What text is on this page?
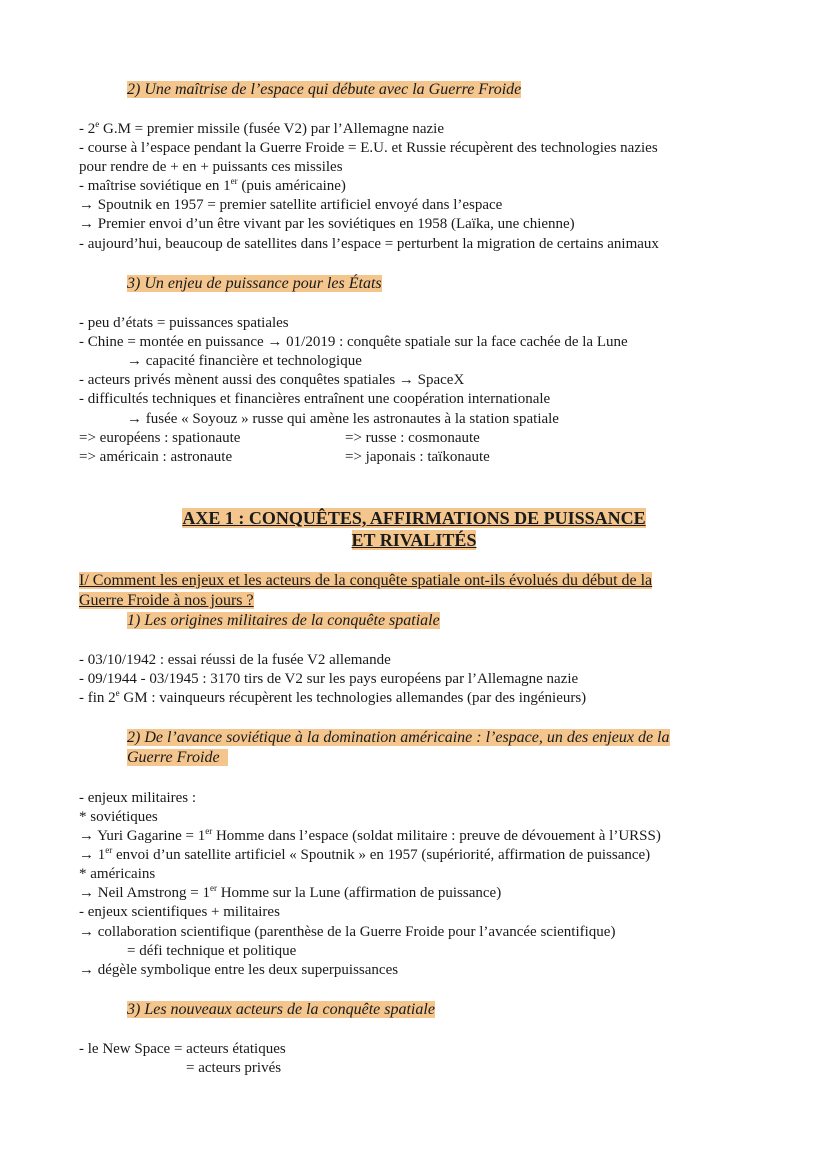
2) Une maîtrise de l’espace qui débute avec la Guerre Froide
- 2e G.M = premier missile (fusée V2) par l’Allemagne nazie
- course à l’espace pendant la Guerre Froide = E.U. et Russie récupèrent des technologies nazies
pour rendre de + en + puissants ces missiles
- maîtrise soviétique en 1er (puis américaine)
→ Spoutnik en 1957 = premier satellite artificiel envoyé dans l’espace
→ Premier envoi d’un être vivant par les soviétiques en 1958 (Laïka, une chienne)
- aujourd’hui, beaucoup de satellites dans l’espace = perturbent la migration de certains animaux
3) Un enjeu de puissance pour les États
- peu d’états = puissances spatiales
- Chine = montée en puissance → 01/2019 : conquête spatiale sur la face cachée de la Lune
→ capacité financière et technologique
- acteurs privés mènent aussi des conquêtes spatiales → SpaceX
- difficultés techniques et financières entraînent une coopération internationale
→ fusée « Soyouz » russe qui amène les astronautes à la station spatiale
=> européens : spationaute	=> russe : cosmonaute
=> américain : astronaute	=> japonais : taïkonaute
AXE 1 : CONQUÊTES, AFFIRMATIONS DE PUISSANCE
ET RIVALITÉS
I/ Comment les enjeux et les acteurs de la conquête spatiale ont-ils évolués du début de la
Guerre Froide à nos jours ?
1) Les origines militaires de la conquête spatiale
- 03/10/1942 : essai réussi de la fusée V2 allemande
- 09/1944 - 03/1945 : 3170 tirs de V2 sur les pays européens par l’Allemagne nazie
- fin 2e GM : vainqueurs récupèrent les technologies allemandes (par des ingénieurs)
2) De l’avance soviétique à la domination américaine : l’espace, un des enjeux de la
Guerre Froide
- enjeux militaires :
* soviétiques
→ Yuri Gagarine = 1er Homme dans l’espace (soldat militaire : preuve de dévouement à l’URSS)
→ 1er envoi d’un satellite artificiel « Spoutnik » en 1957 (supériorité, affirmation de puissance)
* américains
→ Neil Amstrong = 1er Homme sur la Lune (affirmation de puissance)
- enjeux scientifiques + militaires
→ collaboration scientifique (parenthèse de la Guerre Froide pour l’avancée scientifique)
= défi technique et politique
→ dégèle symbolique entre les deux superpuissances
3) Les nouveaux acteurs de la conquête spatiale
- le New Space = acteurs étatiques
= acteurs privés
